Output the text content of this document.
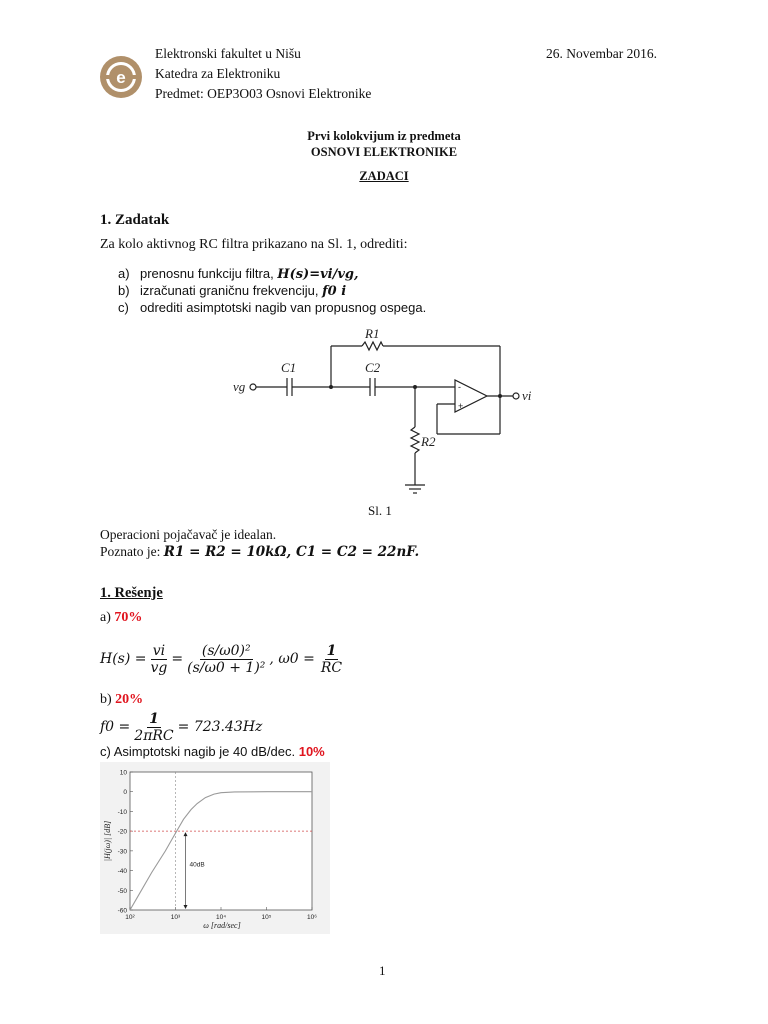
e
Elektronski fakultet u Nišu
Katedra za Elektroniku
Predmet: OEP3O03 Osnovi Elektronike
26. Novembar 2016.
Prvi kolokvijum iz predmeta
OSNOVI ELEKTRONIKE
ZADACI
1. Zadatak
Za kolo aktivnog RC filtra prikazano na Sl. 1, odrediti:
a) prenosnu funkciju filtra, H(s)=vi/vg,
b) izračunati graničnu frekvenciju, f0 i
c) odrediti asimptotski nagib van propusnog ospega.
vg
vi
C1	C2
R1
R2
-
+
Sl. 1
Operacioni pojačavač je idealan.
Poznato je: R1 = R2 = 10kΩ, C1 = C2 = 22nF.
1. Rešenje
a) 70%
$H(s) = \frac{vi}{vg} = \frac{\text{(s/ω0)²}}{\text{(s/ω0 + 1)²}}$ , $\omega 0 = \frac{1}{RC}$
b) 20%
$f0 = \frac{1}{\text{2πRC}} = 723.43Hz$
c) Asimptotski nagib je 40 dB/dec. 10%
10
0
-10
-20
-30
-40
-50
-60
10²	10³	10⁴	10⁵	10⁶
40dB
ω [rad/sec]
|H(jω)| [dB]
1
